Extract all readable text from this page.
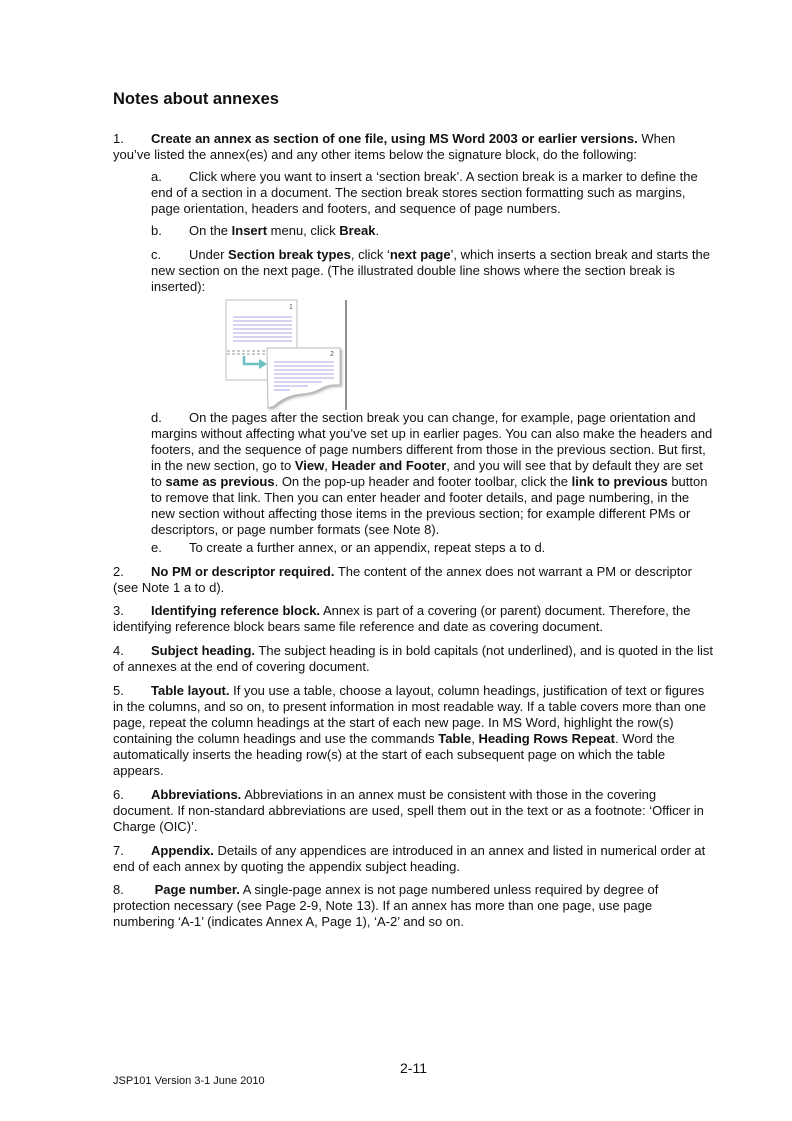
Notes about annexes

1. Create an annex as section of one file, using MS Word 2003 or earlier versions. When you’ve listed the annex(es) and any other items below the signature block, do the following:

a. Click where you want to insert a ‘section break’. A section break is a marker to define the end of a section in a document. The section break stores section formatting such as margins, page orientation, headers and footers, and sequence of page numbers.

b. On the Insert menu, click Break.

c. Under Section break types, click ‘next page’, which inserts a section break and starts the new section on the next page. (The illustrated double line shows where the section break is inserted):

1
2

d. On the pages after the section break you can change, for example, page orientation and margins without affecting what you’ve set up in earlier pages. You can also make the headers and footers, and the sequence of page numbers different from those in the previous section. But first, in the new section, go to View, Header and Footer, and you will see that by default they are set to same as previous. On the pop-up header and footer toolbar, click the link to previous button to remove that link. Then you can enter header and footer details, and page numbering, in the new section without affecting those items in the previous section; for example different PMs or descriptors, or page number formats (see Note 8).

e. To create a further annex, or an appendix, repeat steps a to d.

2. No PM or descriptor required. The content of the annex does not warrant a PM or descriptor (see Note 1 a to d).

3. Identifying reference block. Annex is part of a covering (or parent) document. Therefore, the identifying reference block bears same file reference and date as covering document.

4. Subject heading. The subject heading is in bold capitals (not underlined), and is quoted in the list of annexes at the end of covering document.

5. Table layout. If you use a table, choose a layout, column headings, justification of text or figures in the columns, and so on, to present information in most readable way. If a table covers more than one page, repeat the column headings at the start of each new page. In MS Word, highlight the row(s) containing the column headings and use the commands Table, Heading Rows Repeat. Word the automatically inserts the heading row(s) at the start of each subsequent page on which the table appears.

6. Abbreviations. Abbreviations in an annex must be consistent with those in the covering document. If non-standard abbreviations are used, spell them out in the text or as a footnote: ‘Officer in Charge (OIC)’.

7. Appendix. Details of any appendices are introduced in an annex and listed in numerical order at end of each annex by quoting the appendix subject heading.

8. Page number. A single-page annex is not page numbered unless required by degree of protection necessary (see Page 2-9, Note 13). If an annex has more than one page, use page numbering ‘A-1’ (indicates Annex A, Page 1), ‘A-2’ and so on.

2-11
JSP101 Version 3-1 June 2010
